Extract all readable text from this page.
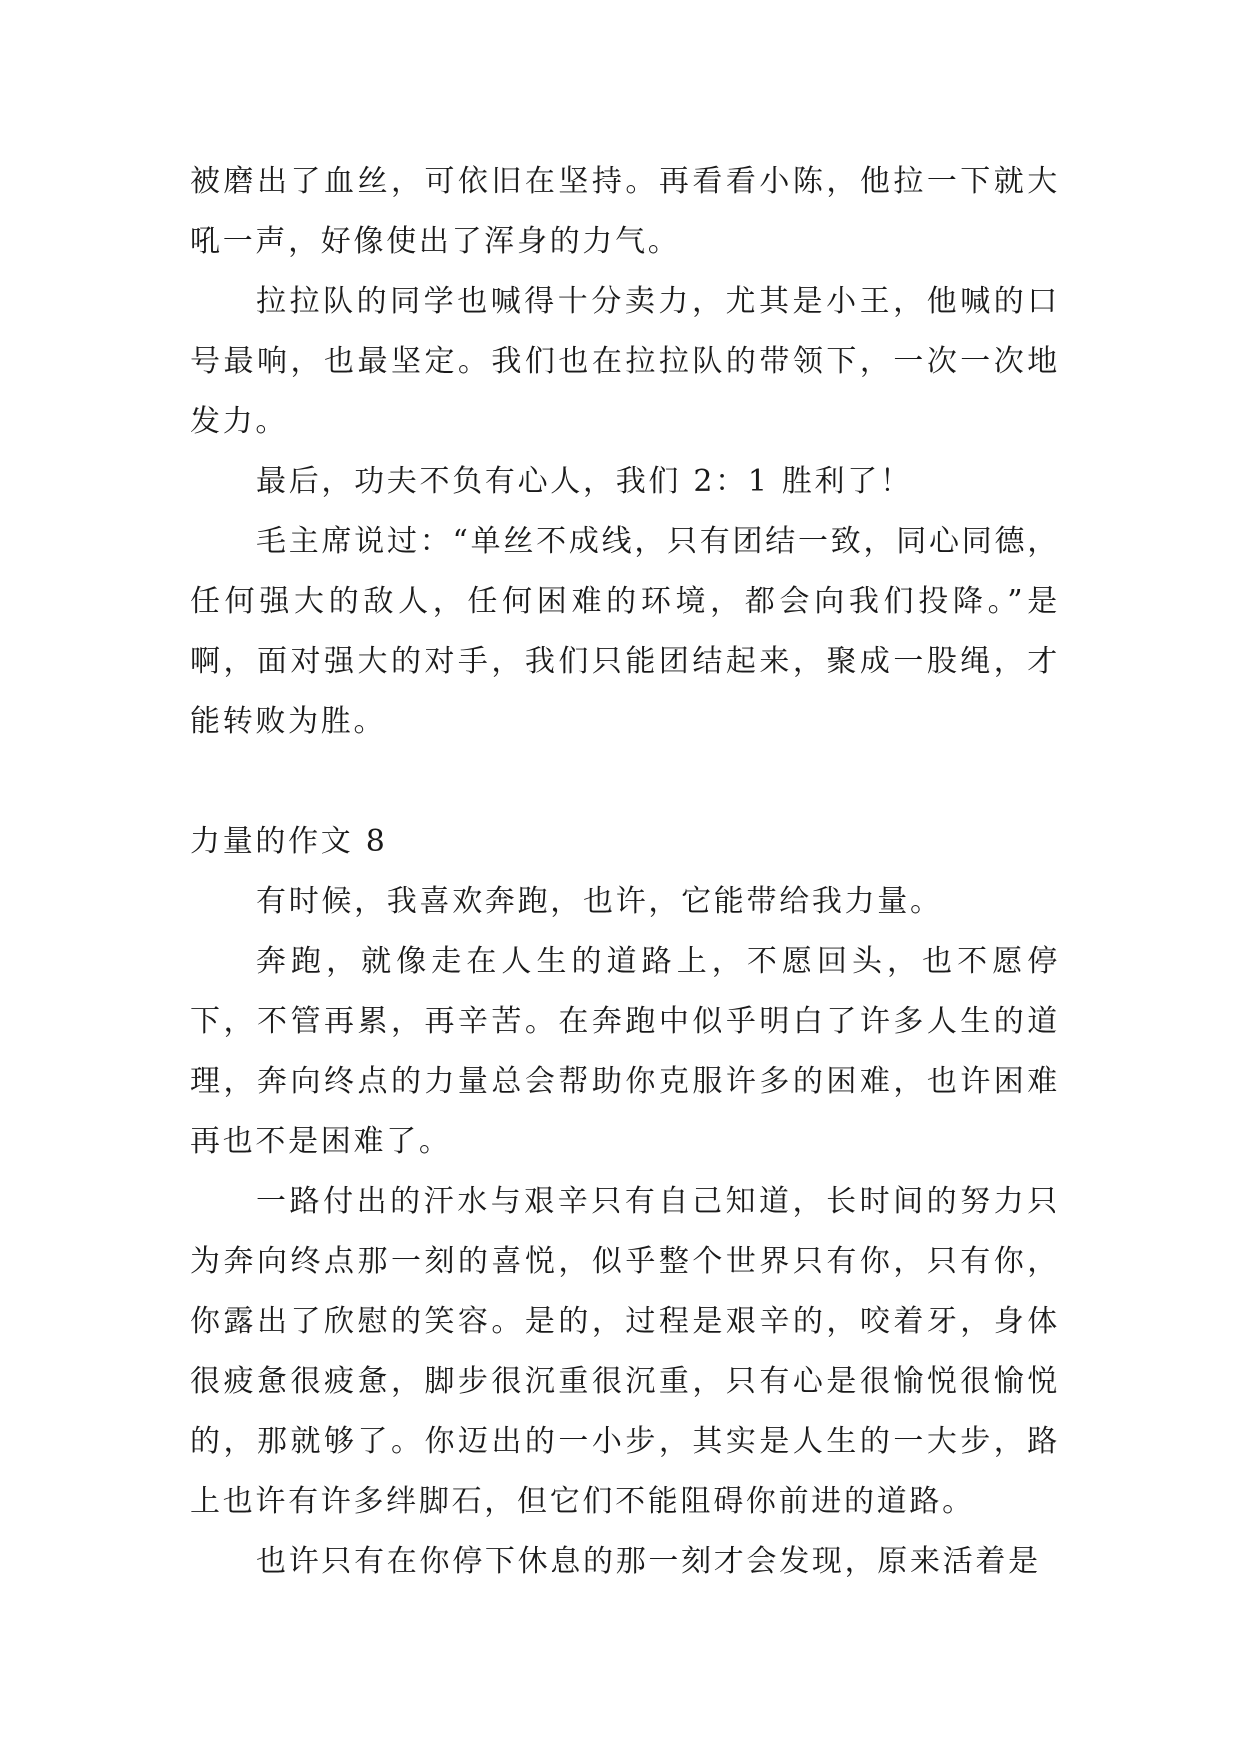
被磨出了血丝，可依旧在坚持。再看看小陈，他拉一下就大吼一声，好像使出了浑身的力气。

拉拉队的同学也喊得十分卖力，尤其是小王，他喊的口号最响，也最坚定。我们也在拉拉队的带领下，一次一次地发力。

最后，功夫不负有心人，我们 2：1 胜利了！

毛主席说过：“单丝不成线，只有团结一致，同心同德，任何强大的敌人，任何困难的环境，都会向我们投降。”是啊，面对强大的对手，我们只能团结起来，聚成一股绳，才能转败为胜。

力量的作文 8

有时候，我喜欢奔跑，也许，它能带给我力量。

奔跑，就像走在人生的道路上，不愿回头，也不愿停下，不管再累，再辛苦。在奔跑中似乎明白了许多人生的道理，奔向终点的力量总会帮助你克服许多的困难，也许困难再也不是困难了。

一路付出的汗水与艰辛只有自己知道，长时间的努力只为奔向终点那一刻的喜悦，似乎整个世界只有你，只有你，你露出了欣慰的笑容。是的，过程是艰辛的，咬着牙，身体很疲惫很疲惫，脚步很沉重很沉重，只有心是很愉悦很愉悦的，那就够了。你迈出的一小步，其实是人生的一大步，路上也许有许多绊脚石，但它们不能阻碍你前进的道路。

也许只有在你停下休息的那一刻才会发现，原来活着是
